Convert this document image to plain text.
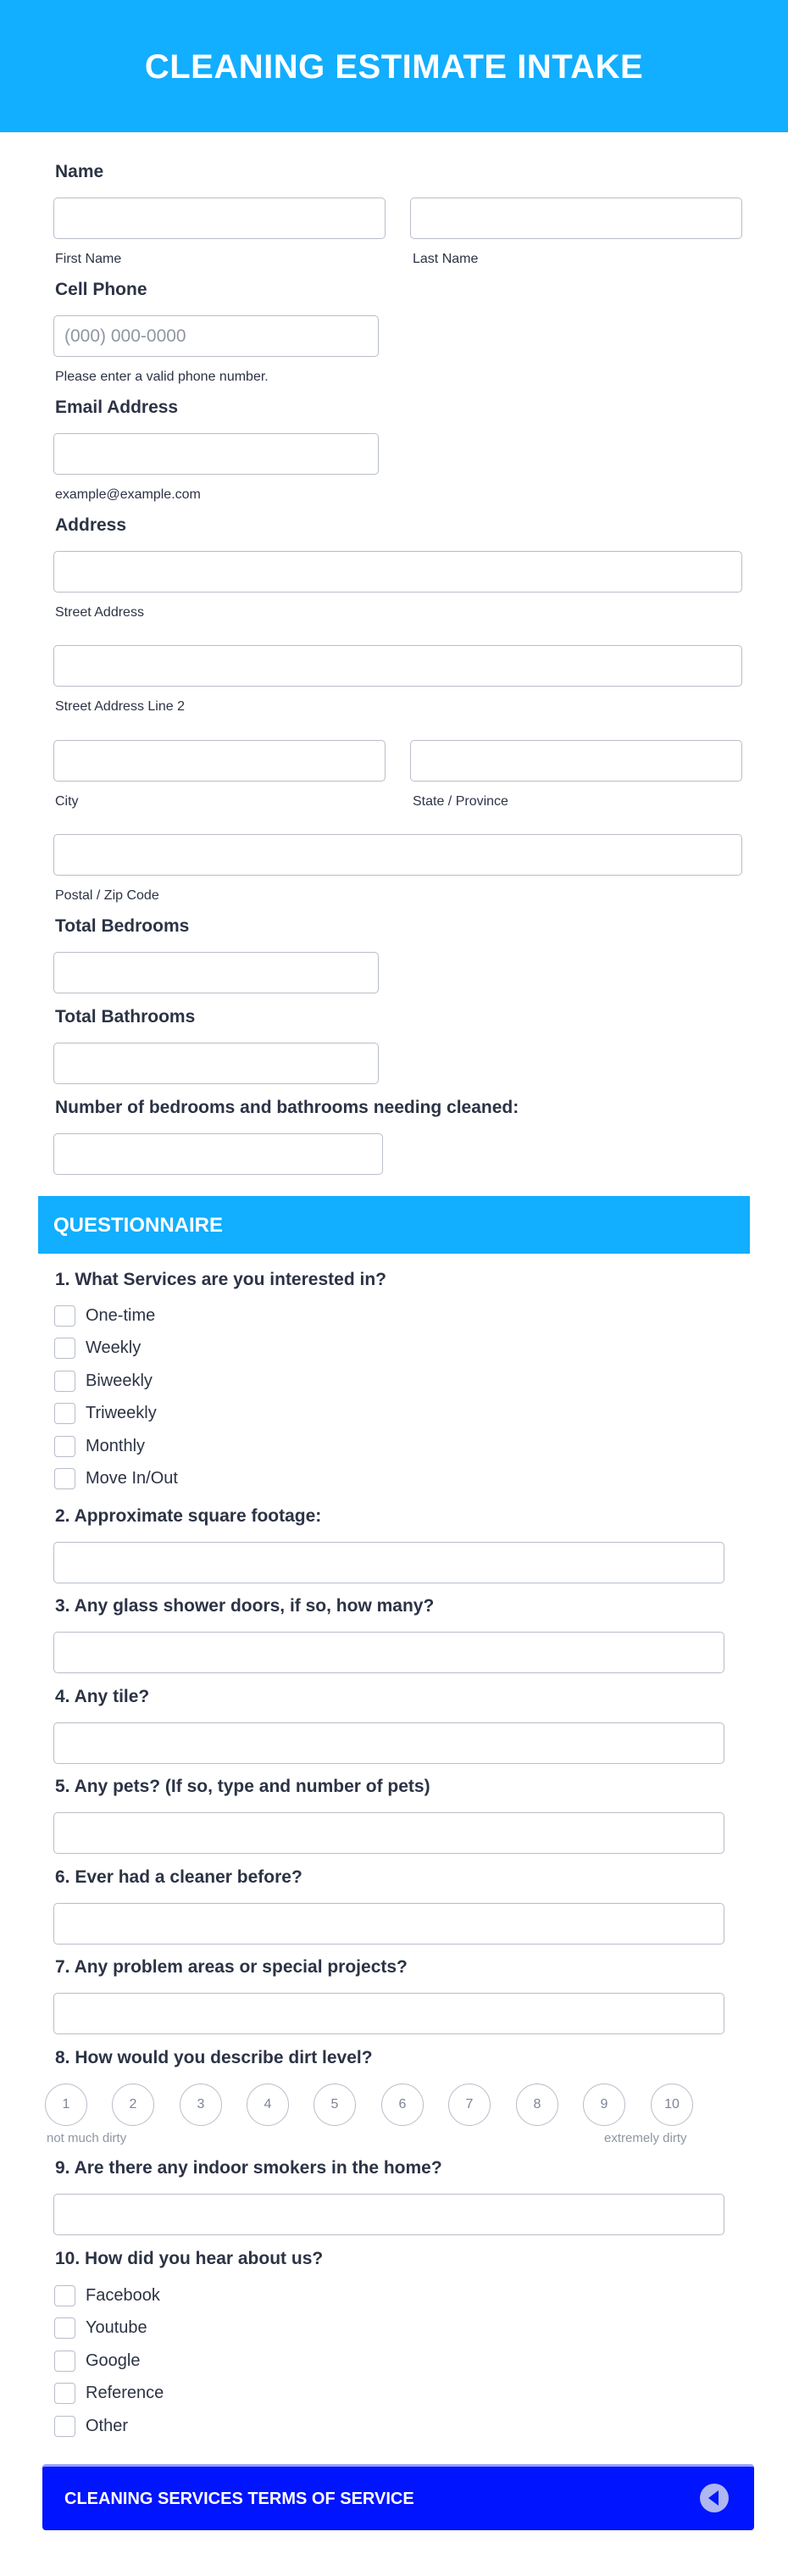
CLEANING ESTIMATE INTAKE
Name
First Name	Last Name
Cell Phone
(000) 000-0000
Please enter a valid phone number.
Email Address
example@example.com
Address
Street Address
Street Address Line 2
City	State / Province
Postal / Zip Code
Total Bedrooms
Total Bathrooms
Number of bedrooms and bathrooms needing cleaned:
QUESTIONNAIRE
1. What Services are you interested in?
One-time
Weekly
Biweekly
Triweekly
Monthly
Move In/Out
2. Approximate square footage:
3. Any glass shower doors, if so, how many?
4. Any tile?
5. Any pets? (If so, type and number of pets)
6. Ever had a cleaner before?
7. Any problem areas or special projects?
8. How would you describe dirt level?
1	2	3	4	5	6	7	8	9	10
not much dirty	extremely dirty
9. Are there any indoor smokers in the home?
10. How did you hear about us?
Facebook
Youtube
Google
Reference
Other
CLEANING SERVICES TERMS OF SERVICE
